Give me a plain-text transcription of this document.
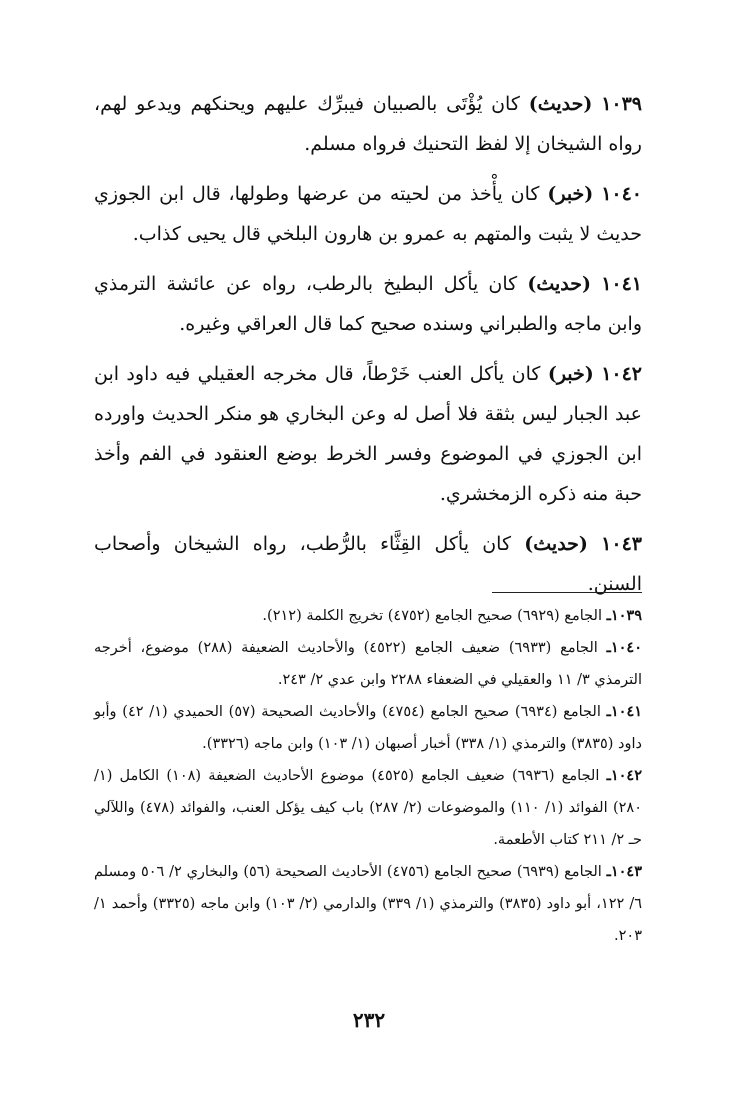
١٠٣٩ (حديث) كان يُؤْتَى بالصبيان فيبرِّك عليهم ويحنكهم ويدعو لهم، رواه الشيخان إلا لفظ التحنيك فرواه مسلم.

١٠٤٠ (خبر) كان يأْخذ من لحيته من عرضها وطولها، قال ابن الجوزي حديث لا يثبت والمتهم به عمرو بن هارون البلخي قال يحيى كذاب.

١٠٤١ (حديث) كان يأكل البطيخ بالرطب، رواه عن عائشة الترمذي وابن ماجه والطبراني وسنده صحيح كما قال العراقي وغيره.

١٠٤٢ (خبر) كان يأكل العنب خَرْطاً، قال مخرجه العقيلي فيه داود ابن عبد الجبار ليس بثقة فلا أصل له وعن البخاري هو منكر الحديث واورده ابن الجوزي في الموضوع وفسر الخرط بوضع العنقود في الفم وأخذ حبة منه ذكره الزمخشري.

١٠٤٣ (حديث) كان يأكل القِثَّاء بالرُّطب، رواه الشيخان وأصحاب السنن.

١٠٣٩ـ الجامع (٦٩٢٩) صحيح الجامع (٤٧٥٢) تخريج الكلمة (٢١٢).

١٠٤٠ـ الجامع (٦٩٣٣) ضعيف الجامع (٤٥٢٢) والأحاديث الضعيفة (٢٨٨) موضوع، أخرجه الترمذي ٣/ ١١ والعقيلي في الضعفاء ٢٢٨٨ وابن عدي ٢/ ٢٤٣.

١٠٤١ـ الجامع (٦٩٣٤) صحيح الجامع (٤٧٥٤) والأحاديث الصحيحة (٥٧) الحميدي (١/ ٤٢) وأبو داود (٣٨٣٥) والترمذي (١/ ٣٣٨) أخبار أصبهان (١/ ١٠٣) وابن ماجه (٣٣٢٦).

١٠٤٢ـ الجامع (٦٩٣٦) ضعيف الجامع (٤٥٢٥) موضوع الأحاديث الضعيفة (١٠٨) الكامل (١/ ٢٨٠) الفوائد (١/ ١١٠) والموضوعات (٢/ ٢٨٧) باب كيف يؤكل العنب، والفوائد (٤٧٨) واللآلي حـ ٢/ ٢١١ كتاب الأطعمة.

١٠٤٣ـ الجامع (٦٩٣٩) صحيح الجامع (٤٧٥٦) الأحاديث الصحيحة (٥٦) والبخاري ٢/ ٥٠٦ ومسلم ٦/ ١٢٢، أبو داود (٣٨٣٥) والترمذي (١/ ٣٣٩) والدارمي (٢/ ١٠٣) وابن ماجه (٣٣٢٥) وأحمد ١/ ٢٠٣.

٢٣٢
